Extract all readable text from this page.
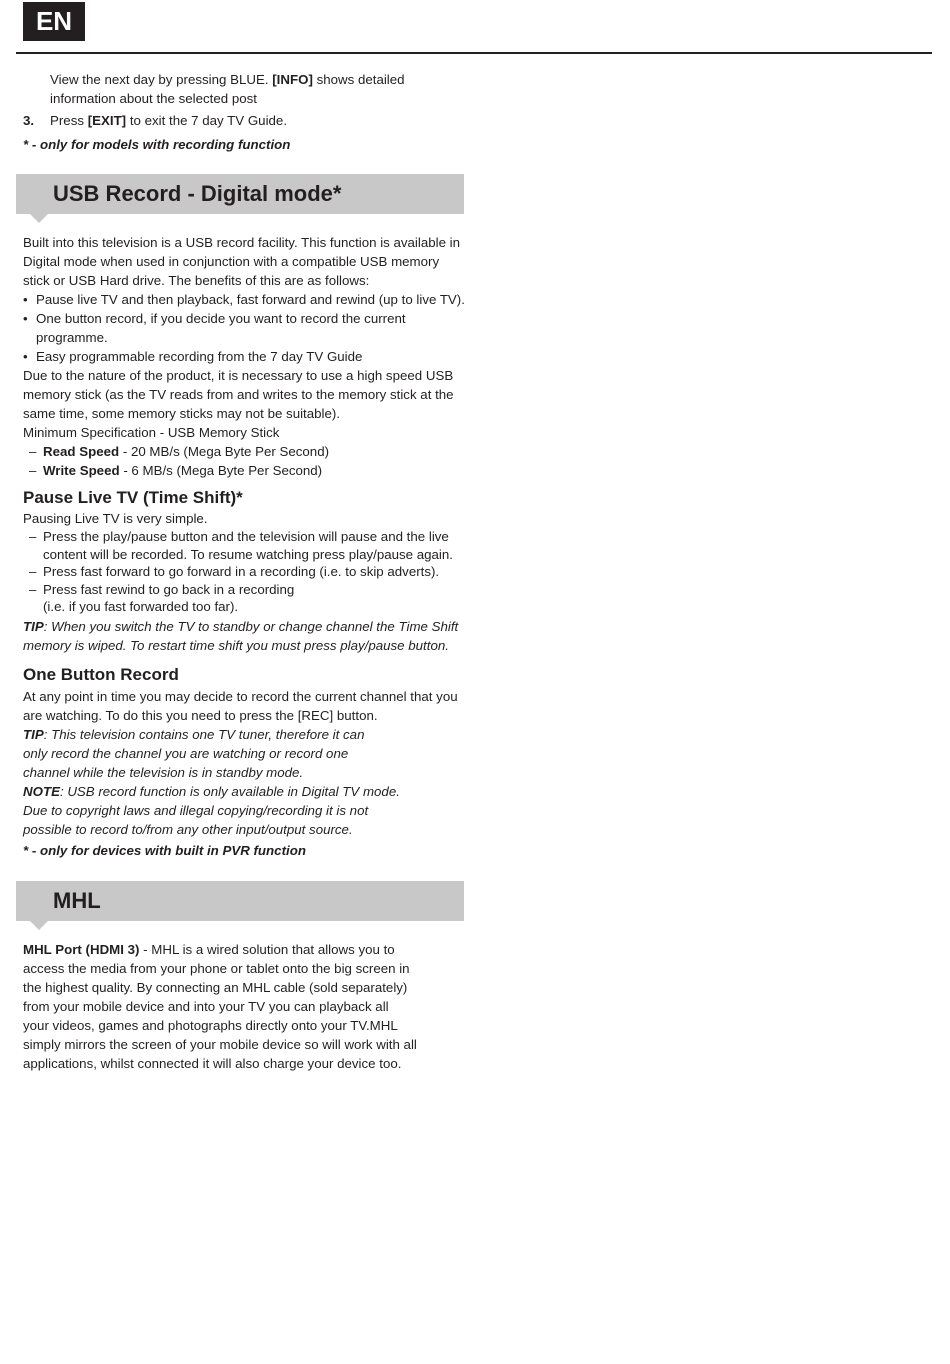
EN

View the next day by pressing BLUE. [INFO] shows detailed

information about the selected post

3.	Press [EXIT] to exit the 7 day TV Guide.

* - only for models with recording function

USB Record - Digital mode*

Built into this television is a USB record facility. This function is available in

Digital mode when used in conjunction with a compatible USB memory

stick or USB Hard drive. The benefits of this are as follows:

• Pause live TV and then playback, fast forward and rewind (up to live TV).
• One button record, if you decide you want to record the current
programme.
• Easy programmable recording from the 7 day TV Guide

Due to the nature of the product, it is necessary to use a high speed USB

memory stick (as the TV reads from and writes to the memory stick at the

same time, some memory sticks may not be suitable).

Minimum Specification - USB Memory Stick

– Read Speed - 20 MB/s (Mega Byte Per Second)
– Write Speed - 6 MB/s (Mega Byte Per Second)
Pause Live TV (Time Shift)*

Pausing Live TV is very simple.

– Press the play/pause button and the television will pause and the live
content will be recorded. To resume watching press play/pause again.
– Press fast forward to go forward in a recording (i.e. to skip adverts).
– Press fast rewind to go back in a recording
(i.e. if you fast forwarded too far).

TIP: When you switch the TV to standby or change channel the Time Shift
memory is wiped. To restart time shift you must press play/pause button.

One Button Record

At any point in time you may decide to record the current channel that you

are watching. To do this you need to press the [REC] button.

TIP: This television contains one TV tuner, therefore it can
only record the channel you are watching or record one
channel while the television is in standby mode.

NOTE: USB record function is only available in Digital TV mode.
Due to copyright laws and illegal copying/recording it is not
possible to record to/from any other input/output source.

* - only for devices with built in PVR function

MHL

MHL Port (HDMI 3) - MHL is a wired solution that allows you to

access the media from your phone or tablet onto the big screen in

the highest quality. By connecting an MHL cable (sold separately)

from your mobile device and into your TV you can playback all

your videos, games and photographs directly onto your TV.MHL

simply mirrors the screen of your mobile device so will work with all

applications, whilst connected it will also charge your device too.
